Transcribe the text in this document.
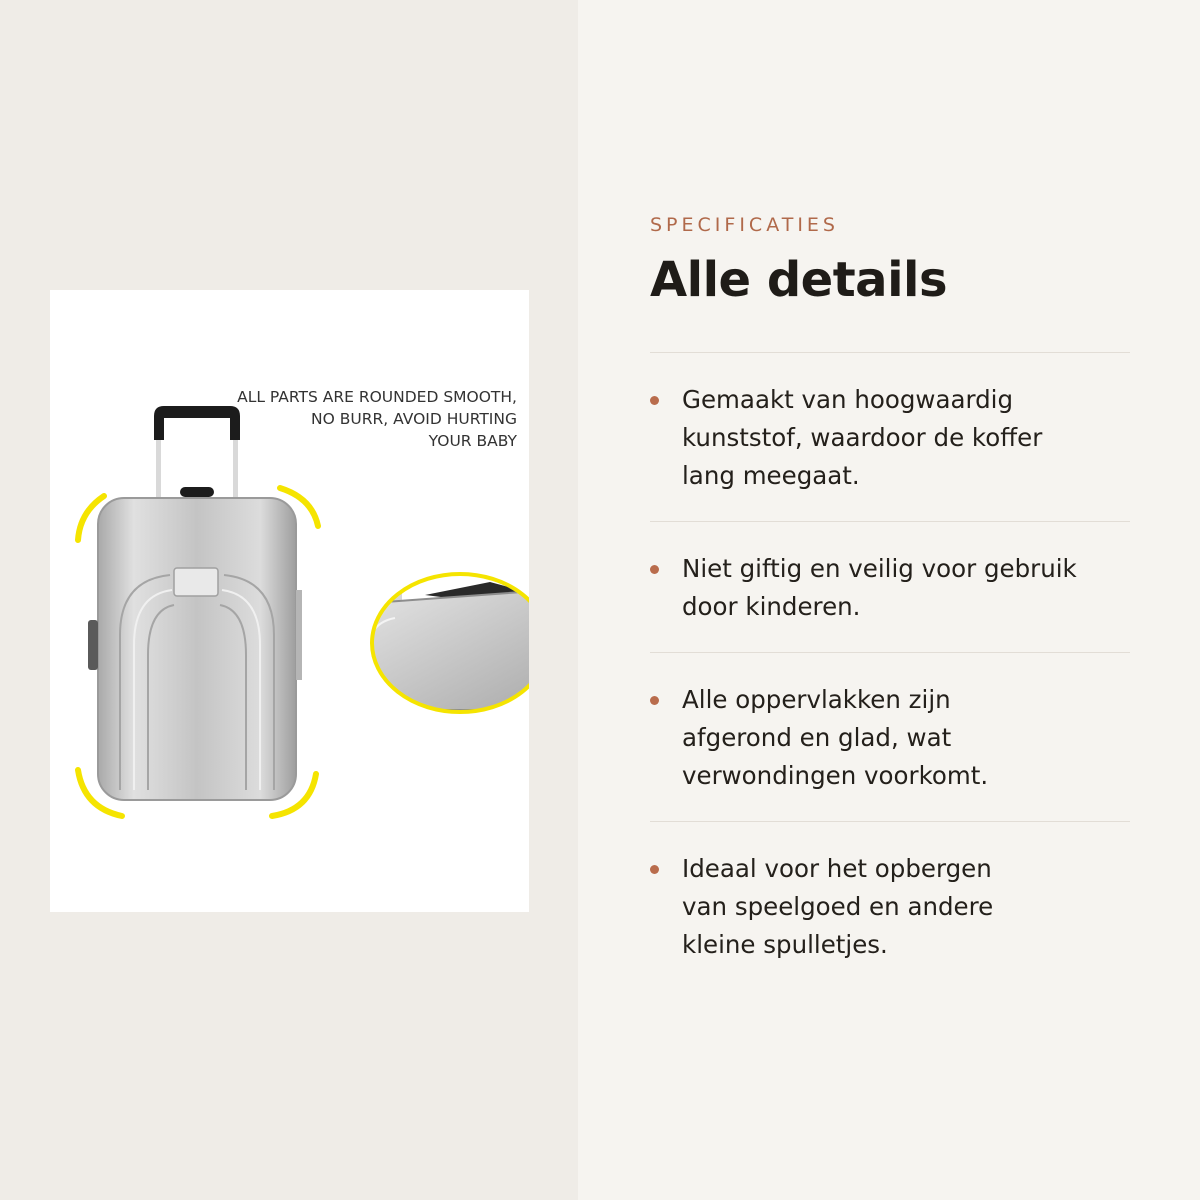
ALL PARTS ARE ROUNDED SMOOTH,
NO BURR, AVOID HURTING
YOUR BABY

SPECIFICATIES
Alle details

Gemaakt van hoogwaardig
kunststof, waardoor de koffer
lang meegaat.

Niet giftig en veilig voor gebruik
door kinderen.

Alle oppervlakken zijn
afgerond en glad, wat
verwondingen voorkomt.

Ideaal voor het opbergen
van speelgoed en andere
kleine spulletjes.
